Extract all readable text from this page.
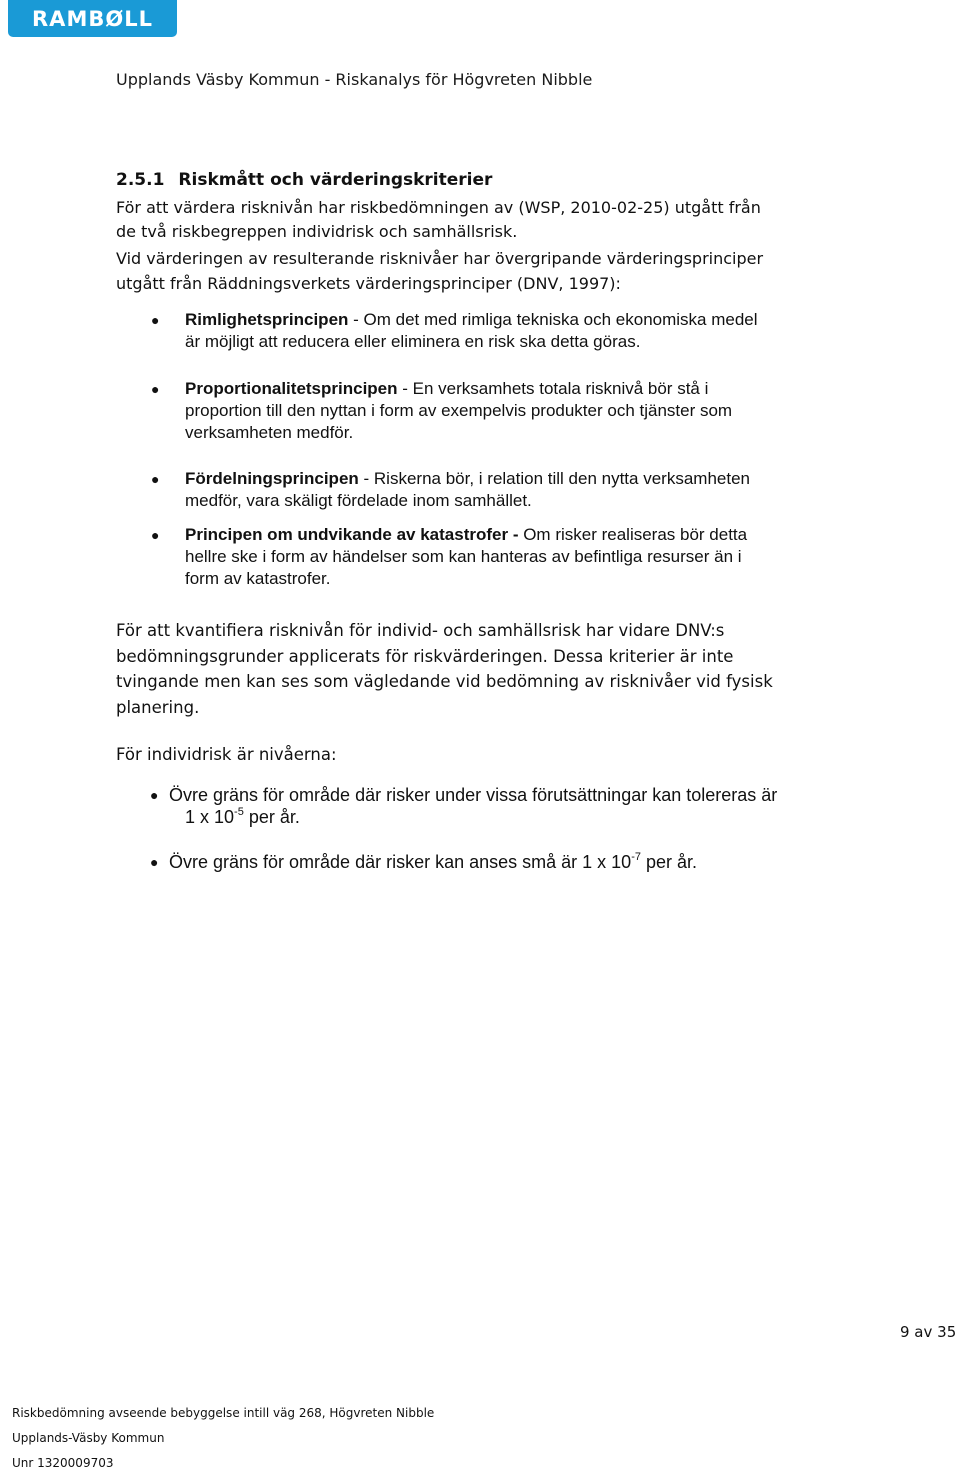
RAMBØLL
Upplands Väsby Kommun - Riskanalys för Högvreten Nibble
2.5.1 Riskmått och värderingskriterier
För att värdera risknivån har riskbedömningen av (WSP, 2010-02-25) utgått från
de två riskbegreppen individrisk och samhällsrisk.
Vid värderingen av resulterande risknivåer har övergripande värderingsprinciper
utgått från Räddningsverkets värderingsprinciper (DNV, 1997):
● Rimlighetsprincipen - Om det med rimliga tekniska och ekonomiska medel
är möjligt att reducera eller eliminera en risk ska detta göras.
● Proportionalitetsprincipen - En verksamhets totala risknivå bör stå i
proportion till den nyttan i form av exempelvis produkter och tjänster som
verksamheten medför.
● Fördelningsprincipen - Riskerna bör, i relation till den nytta verksamheten
medför, vara skäligt fördelade inom samhället.
● Principen om undvikande av katastrofer - Om risker realiseras bör detta
hellre ske i form av händelser som kan hanteras av befintliga resurser än i
form av katastrofer.
För att kvantifiera risknivån för individ- och samhällsrisk har vidare DNV:s
bedömningsgrunder applicerats för riskvärderingen. Dessa kriterier är inte
tvingande men kan ses som vägledande vid bedömning av risknivåer vid fysisk
planering.
För individrisk är nivåerna:
● Övre gräns för område där risker under vissa förutsättningar kan tolereras är
1 x $10^{-5}$ per år.
● Övre gräns för område där risker kan anses små är 1 x $10^{-7}$ per år.
9 av 35
Riskbedömning avseende bebyggelse intill väg 268, Högvreten Nibble
Upplands-Väsby Kommun
Unr 1320009703
